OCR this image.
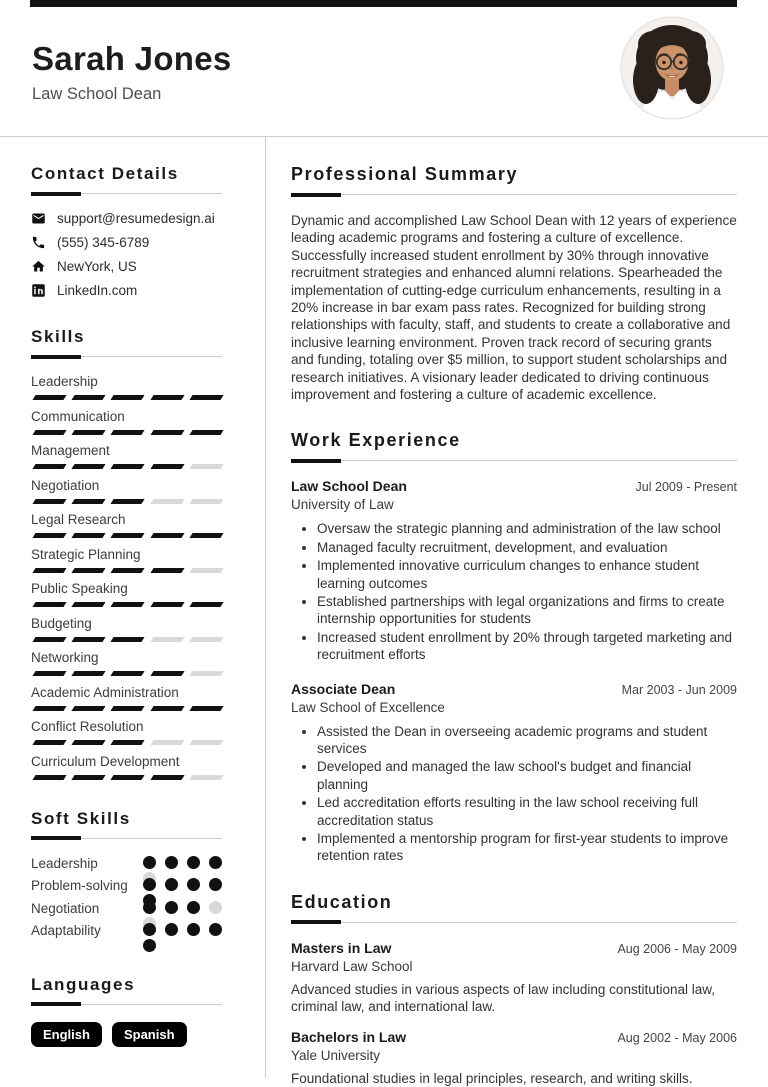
Sarah Jones
Law School Dean
Contact Details
support@resumedesign.ai
(555) 345-6789
NewYork, US
LinkedIn.com
Skills
Leadership
Communication
Management
Negotiation
Legal Research
Strategic Planning
Public Speaking
Budgeting
Networking
Academic Administration
Conflict Resolution
Curriculum Development
Soft Skills
Leadership
Problem-solving
Negotiation
Adaptability
Languages
English	Spanish
Professional Summary

Dynamic and accomplished Law School Dean with 12 years of experience leading academic programs and fostering a culture of excellence. Successfully increased student enrollment by 30% through innovative recruitment strategies and enhanced alumni relations. Spearheaded the implementation of cutting-edge curriculum enhancements, resulting in a 20% increase in bar exam pass rates. Recognized for building strong relationships with faculty, staff, and students to create a collaborative and inclusive learning environment. Proven track record of securing grants and funding, totaling over $5 million, to support student scholarships and research initiatives. A visionary leader dedicated to driving continuous improvement and fostering a culture of academic excellence.

Work Experience
Law School Dean	Jul 2009 - Present
University of Law
• Oversaw the strategic planning and administration of the law school
• Managed faculty recruitment, development, and evaluation
• Implemented innovative curriculum changes to enhance student learning outcomes
• Established partnerships with legal organizations and firms to create internship opportunities for students
• Increased student enrollment by 20% through targeted marketing and recruitment efforts
Associate Dean	Mar 2003 - Jun 2009
Law School of Excellence
• Assisted the Dean in overseeing academic programs and student services
• Developed and managed the law school's budget and financial planning
• Led accreditation efforts resulting in the law school receiving full accreditation status
• Implemented a mentorship program for first-year students to improve retention rates
Education
Masters in Law	Aug 2006 - May 2009
Harvard Law School

Advanced studies in various aspects of law including constitutional law, criminal law, and international law.

Bachelors in Law	Aug 2002 - May 2006
Yale University

Foundational studies in legal principles, research, and writing skills.
